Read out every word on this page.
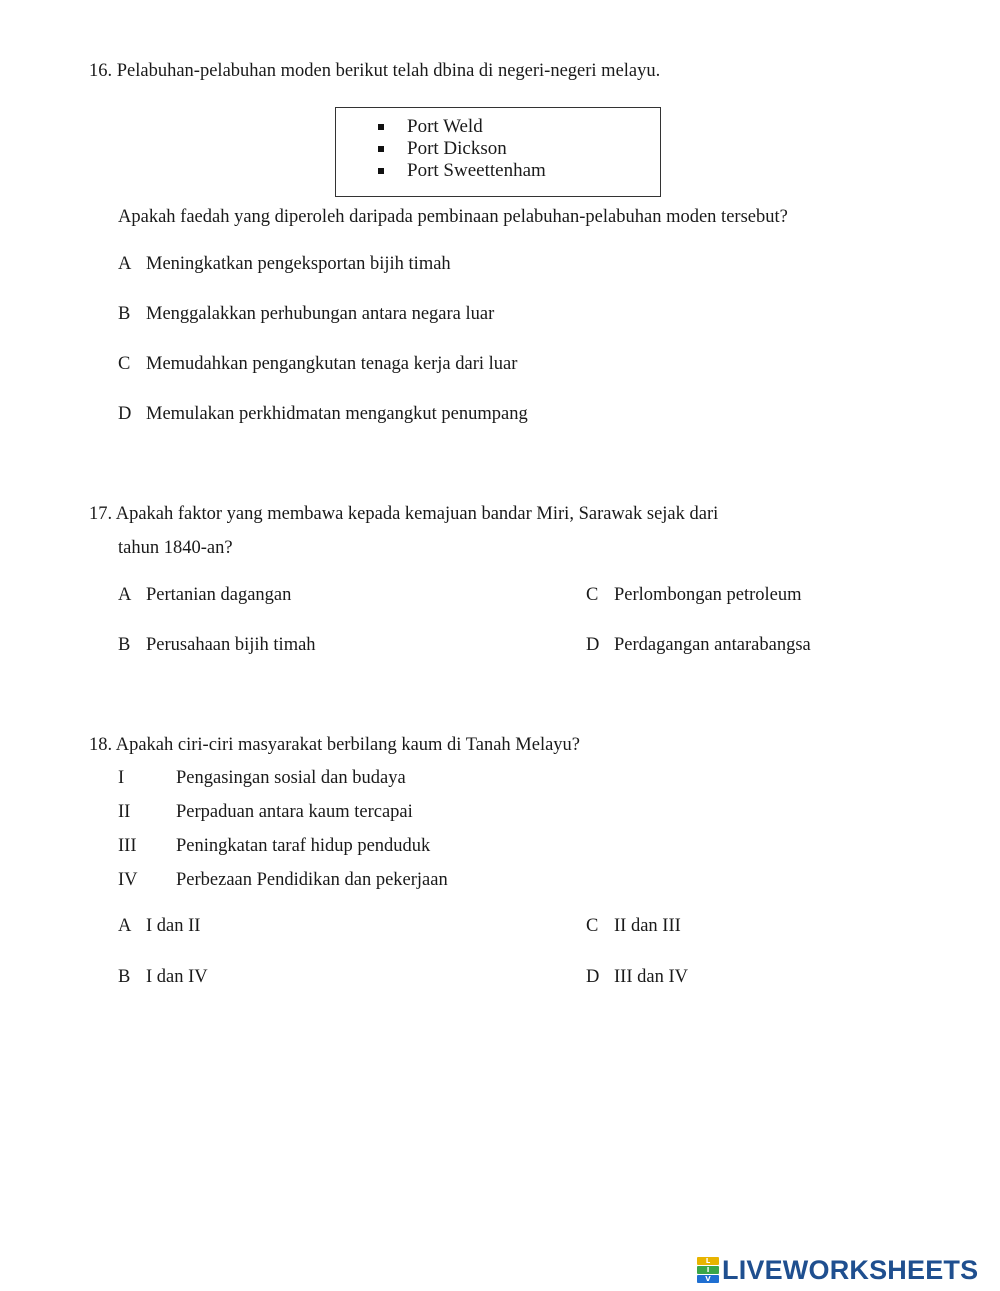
16. Pelabuhan-pelabuhan moden berikut telah dbina di negeri-negeri melayu.
Port Weld
Port Dickson
Port Sweettenham
Apakah faedah yang diperoleh daripada pembinaan pelabuhan-pelabuhan moden tersebut?
A Meningkatkan pengeksportan bijih timah
B Menggalakkan perhubungan antara negara luar
C Memudahkan pengangkutan tenaga kerja dari luar
D Memulakan perkhidmatan mengangkut penumpang
17. Apakah faktor yang membawa kepada kemajuan bandar Miri, Sarawak sejak dari
tahun 1840-an?
A Pertanian dagangan
B Perusahaan bijih timah
C Perlombongan petroleum
D Perdagangan antarabangsa
18. Apakah ciri-ciri masyarakat berbilang kaum di Tanah Melayu?
I	Pengasingan sosial dan budaya
II Perpaduan antara kaum tercapai
III Peningkatan taraf hidup penduduk
IV Perbezaan Pendidikan dan pekerjaan
A I dan II
B I dan IV
C II dan III
D III dan IV
L
I
V LIVEWORKSHEETS
